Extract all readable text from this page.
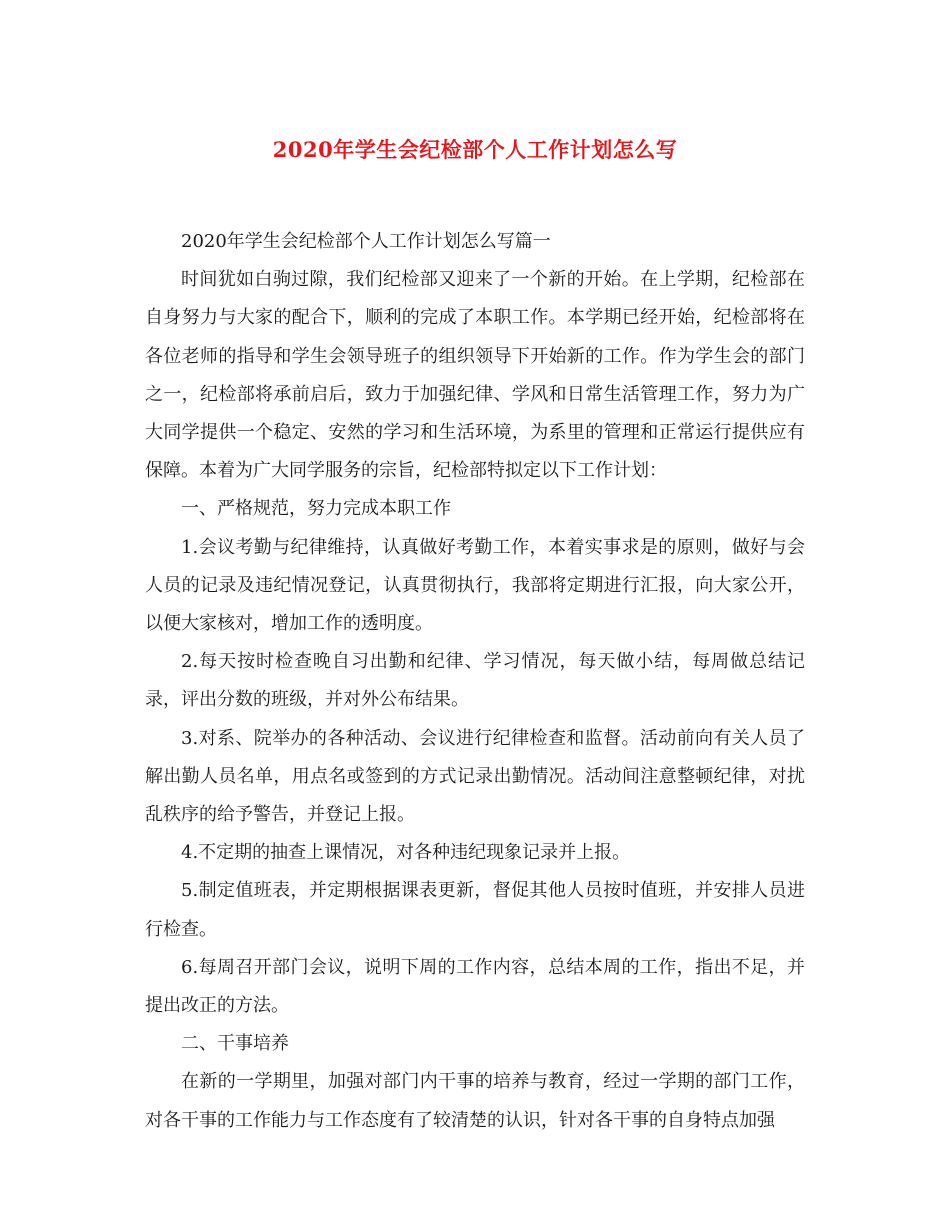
2020年学生会纪检部个人工作计划怎么写

2020年学生会纪检部个人工作计划怎么写篇一

时间犹如白驹过隙，我们纪检部又迎来了一个新的开始。在上学期，纪检部在自身努力与大家的配合下，顺利的完成了本职工作。本学期已经开始，纪检部将在各位老师的指导和学生会领导班子的组织领导下开始新的工作。作为学生会的部门之一，纪检部将承前启后，致力于加强纪律、学风和日常生活管理工作，努力为广大同学提供一个稳定、安然的学习和生活环境，为系里的管理和正常运行提供应有保障。本着为广大同学服务的宗旨，纪检部特拟定以下工作计划：

一、严格规范，努力完成本职工作

1.会议考勤与纪律维持，认真做好考勤工作，本着实事求是的原则，做好与会人员的记录及违纪情况登记，认真贯彻执行，我部将定期进行汇报，向大家公开，以便大家核对，增加工作的透明度。

2.每天按时检查晚自习出勤和纪律、学习情况，每天做小结，每周做总结记录，评出分数的班级，并对外公布结果。

3.对系、院举办的各种活动、会议进行纪律检查和监督。活动前向有关人员了解出勤人员名单，用点名或签到的方式记录出勤情况。活动间注意整顿纪律，对扰乱秩序的给予警告，并登记上报。

4.不定期的抽查上课情况，对各种违纪现象记录并上报。

5.制定值班表，并定期根据课表更新，督促其他人员按时值班，并安排人员进行检查。

6.每周召开部门会议，说明下周的工作内容，总结本周的工作，指出不足，并提出改正的方法。

二、干事培养

在新的一学期里，加强对部门内干事的培养与教育，经过一学期的部门工作，对各干事的工作能力与工作态度有了较清楚的认识，针对各干事的自身特点加强
